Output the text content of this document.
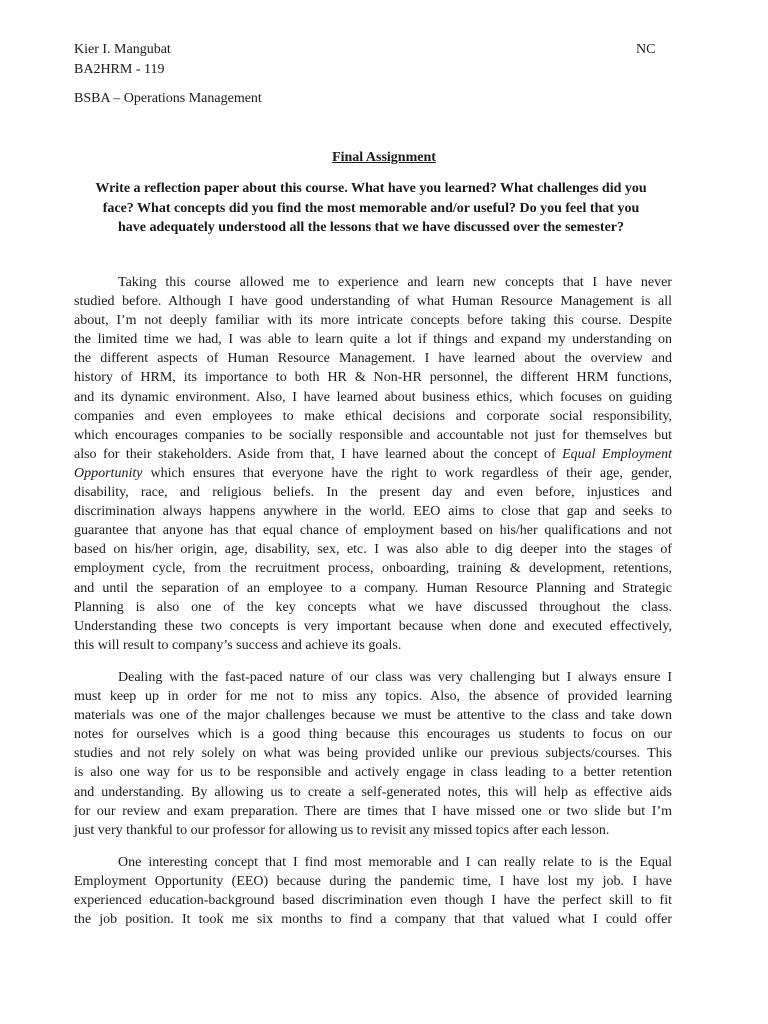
Kier I. Mangubat	NC
BA2HRM - 119
BSBA – Operations Management
Final Assignment
Write a reflection paper about this course. What have you learned? What challenges did you
face? What concepts did you find the most memorable and/or useful? Do you feel that you
have adequately understood all the lessons that we have discussed over the semester?
Taking this course allowed me to experience and learn new concepts that I have never
studied before. Although I have good understanding of what Human Resource Management is all
about, I’m not deeply familiar with its more intricate concepts before taking this course. Despite
the limited time we had, I was able to learn quite a lot if things and expand my understanding on
the different aspects of Human Resource Management. I have learned about the overview and
history of HRM, its importance to both HR & Non-HR personnel, the different HRM functions,
and its dynamic environment. Also, I have learned about business ethics, which focuses on guiding
companies and even employees to make ethical decisions and corporate social responsibility,
which encourages companies to be socially responsible and accountable not just for themselves but
also for their stakeholders. Aside from that, I have learned about the concept of Equal Employment
Opportunity which ensures that everyone have the right to work regardless of their age, gender,
disability, race, and religious beliefs. In the present day and even before, injustices and
discrimination always happens anywhere in the world. EEO aims to close that gap and seeks to
guarantee that anyone has that equal chance of employment based on his/her qualifications and not
based on his/her origin, age, disability, sex, etc. I was also able to dig deeper into the stages of
employment cycle, from the recruitment process, onboarding, training & development, retentions,
and until the separation of an employee to a company. Human Resource Planning and Strategic
Planning is also one of the key concepts what we have discussed throughout the class.
Understanding these two concepts is very important because when done and executed effectively,
this will result to company’s success and achieve its goals.
Dealing with the fast-paced nature of our class was very challenging but I always ensure I
must keep up in order for me not to miss any topics. Also, the absence of provided learning
materials was one of the major challenges because we must be attentive to the class and take down
notes for ourselves which is a good thing because this encourages us students to focus on our
studies and not rely solely on what was being provided unlike our previous subjects/courses. This
is also one way for us to be responsible and actively engage in class leading to a better retention
and understanding. By allowing us to create a self-generated notes, this will help as effective aids
for our review and exam preparation. There are times that I have missed one or two slide but I’m
just very thankful to our professor for allowing us to revisit any missed topics after each lesson.
One interesting concept that I find most memorable and I can really relate to is the Equal
Employment Opportunity (EEO) because during the pandemic time, I have lost my job. I have
experienced education-background based discrimination even though I have the perfect skill to fit
the job position. It took me six months to find a company that that valued what I could offer
